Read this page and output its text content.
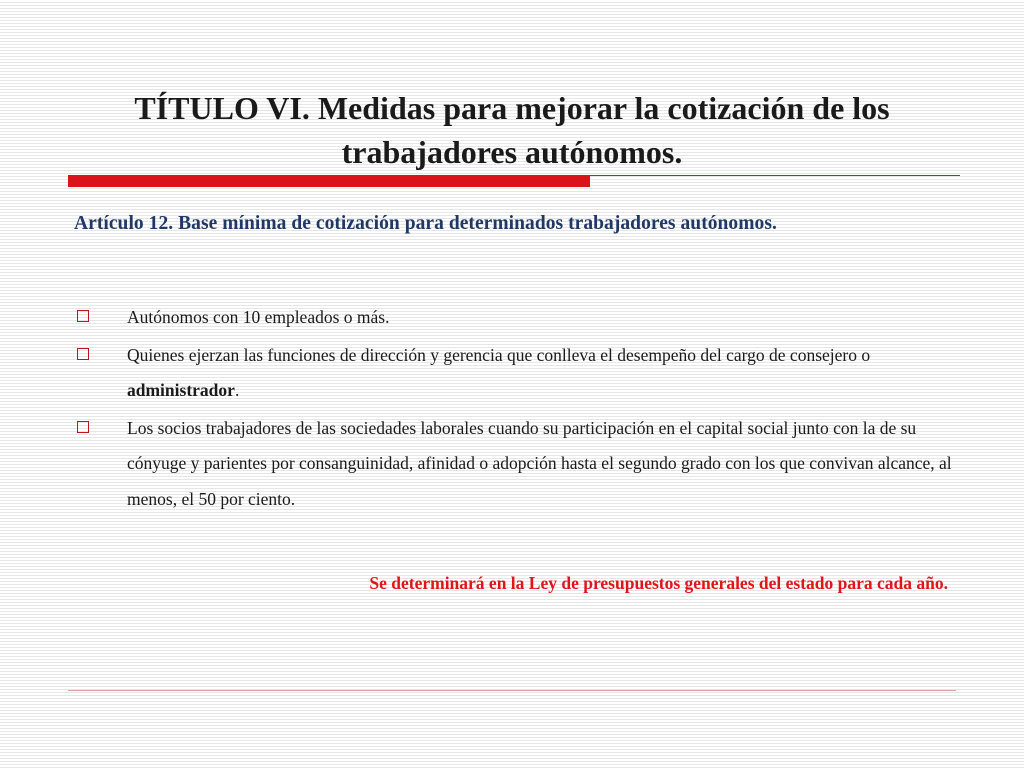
TÍTULO VI. Medidas para mejorar la cotización de los
trabajadores autónomos.
Artículo 12. Base mínima de cotización para determinados trabajadores autónomos.
Autónomos con 10 empleados o más.
Quienes ejerzan las funciones de dirección y gerencia que conlleva el desempeño del cargo de consejero o administrador.
Los socios trabajadores de las sociedades laborales cuando su participación en el capital social junto con la de su cónyuge y parientes por consanguinidad, afinidad o adopción hasta el segundo grado con los que convivan alcance, al menos, el 50 por ciento.
Se determinará en la Ley de presupuestos generales del estado para cada año.
